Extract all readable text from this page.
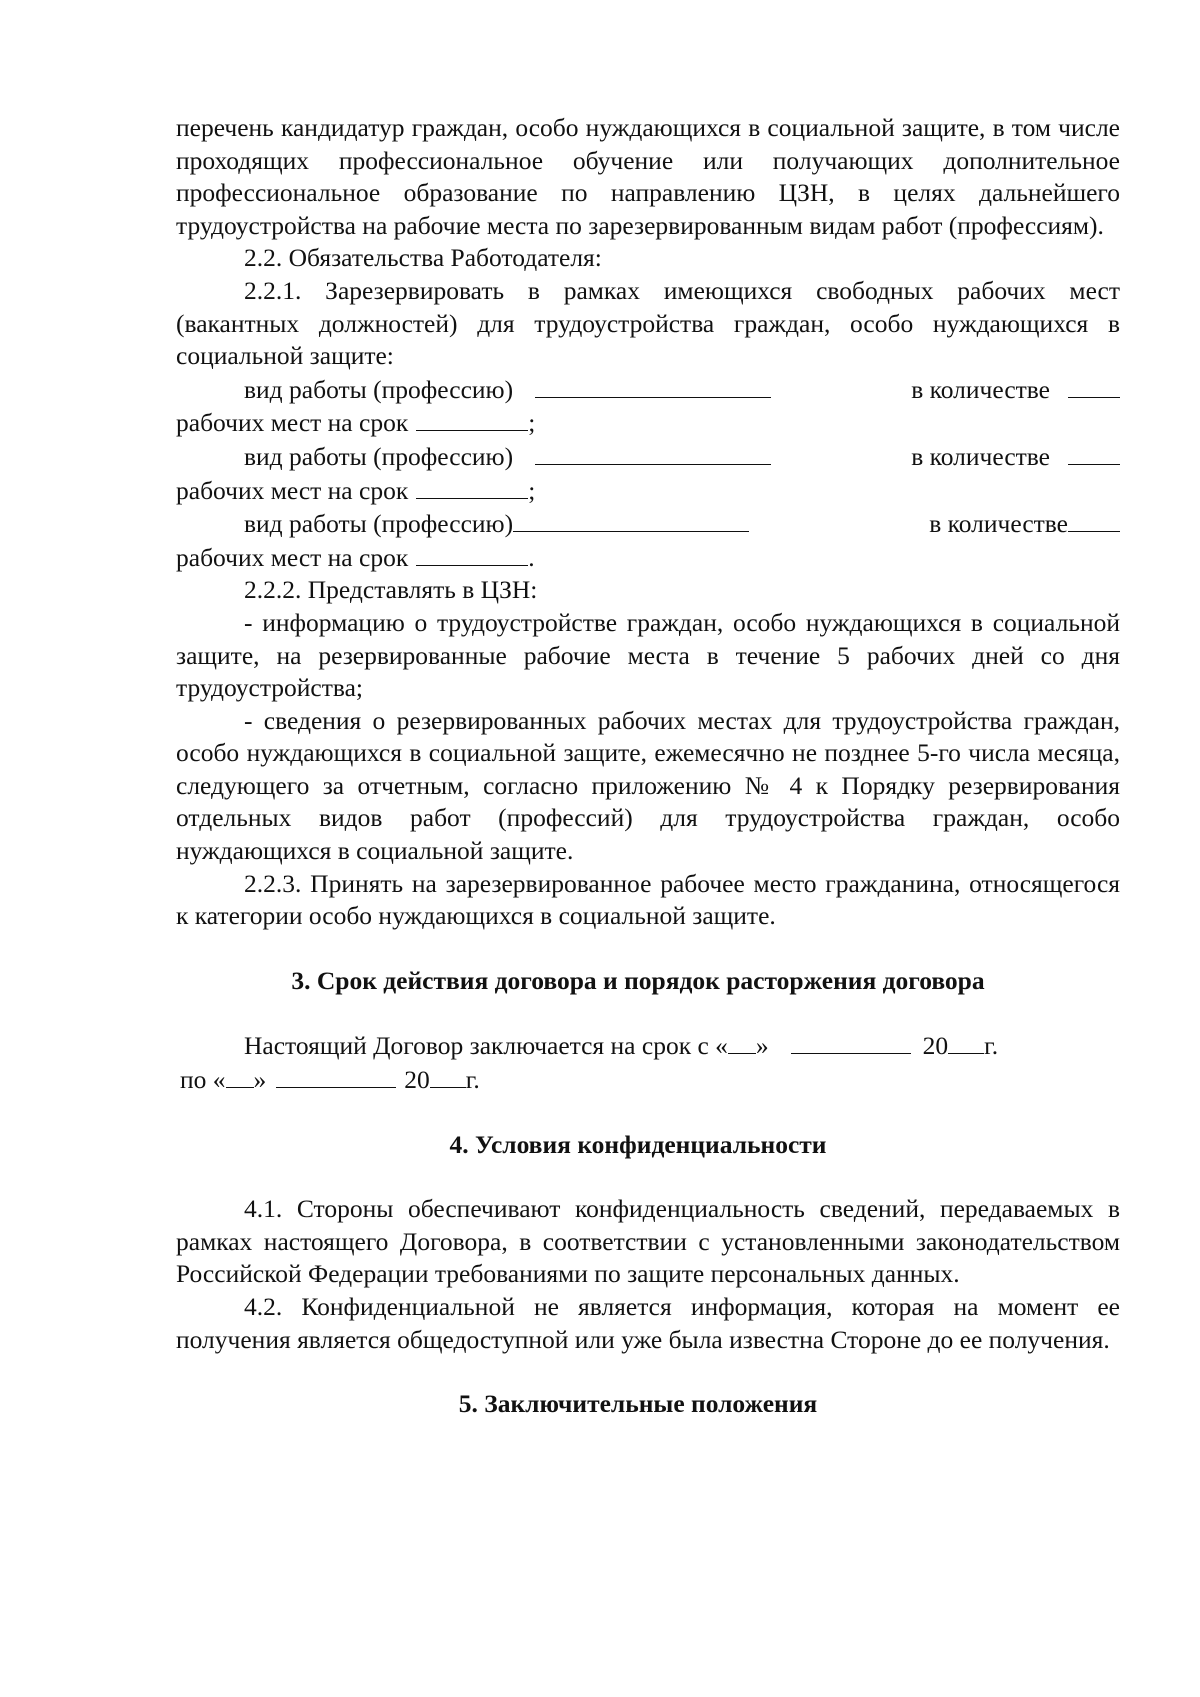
перечень кандидатур граждан, особо нуждающихся в социальной защите, в том числе проходящих профессиональное обучение или получающих дополнительное профессиональное образование по направлению ЦЗН, в целях дальнейшего трудоустройства на рабочие места по зарезервированным видам работ (профессиям).

2.2. Обязательства Работодателя:

2.2.1. Зарезервировать в рамках имеющихся свободных рабочих мест (вакантных должностей) для трудоустройства граждан, особо нуждающихся в социальной защите:

вид работы (профессию)	в количестве
рабочих мест на срок	;
вид работы (профессию)	в количестве
рабочих мест на срок	;
вид работы (профессию)	в количестве
рабочих мест на срок	.

2.2.2. Представлять в ЦЗН:

- информацию о трудоустройстве граждан, особо нуждающихся в социальной защите, на резервированные рабочие места в течение 5 рабочих дней со дня трудоустройства;

- сведения о резервированных рабочих местах для трудоустройства граждан, особо нуждающихся в социальной защите, ежемесячно не позднее 5-го числа месяца, следующего за отчетным, согласно приложению № 4 к Порядку резервирования отдельных видов работ (профессий) для трудоустройства граждан, особо нуждающихся в социальной защите.

2.2.3. Принять на зарезервированное рабочее место гражданина, относящегося к категории особо нуждающихся в социальной защите.

3. Срок действия договора и порядок расторжения договора

Настоящий Договор заключается на срок с « »	20 г.
по « »	20 г.

4. Условия конфиденциальности

4.1. Стороны обеспечивают конфиденциальность сведений, передаваемых в рамках настоящего Договора, в соответствии с установленными законодательством Российской Федерации требованиями по защите персональных данных.

4.2. Конфиденциальной не является информация, которая на момент ее получения является общедоступной или уже была известна Стороне до ее получения.

5. Заключительные положения
